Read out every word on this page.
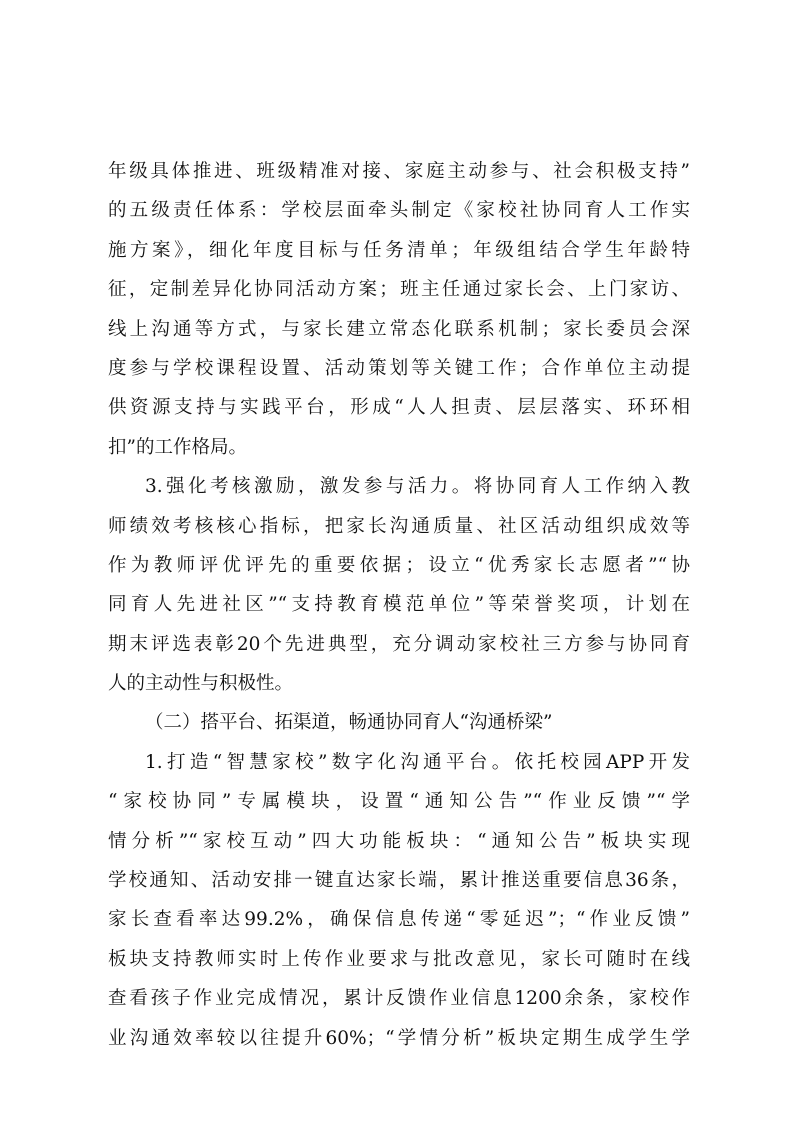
年级具体推进、班级精准对接、家庭主动参与、社会积极支持”
的五级责任体系：学校层面牵头制定《家校社协同育人工作实
施方案》，细化年度目标与任务清单；年级组结合学生年龄特
征，定制差异化协同活动方案；班主任通过家长会、上门家访、
线上沟通等方式，与家长建立常态化联系机制；家长委员会深
度参与学校课程设置、活动策划等关键工作；合作单位主动提
供资源支持与实践平台，形成“人人担责、层层落实、环环相
扣”的工作格局。
3.强化考核激励，激发参与活力。将协同育人工作纳入教
师绩效考核核心指标，把家长沟通质量、社区活动组织成效等
作为教师评优评先的重要依据；设立“优秀家长志愿者”“协
同育人先进社区”“支持教育模范单位”等荣誉奖项，计划在
期末评选表彰20个先进典型，充分调动家校社三方参与协同育
人的主动性与积极性。
（二）搭平台、拓渠道，畅通协同育人“沟通桥梁”
1.打造“智慧家校”数字化沟通平台。依托校园APP开发
“家校协同”专属模块，设置“通知公告”“作业反馈”“学
情分析”“家校互动”四大功能板块：“通知公告”板块实现
学校通知、活动安排一键直达家长端，累计推送重要信息36条，
家长查看率达99.2%，确保信息传递“零延迟”；“作业反馈”
板块支持教师实时上传作业要求与批改意见，家长可随时在线
查看孩子作业完成情况，累计反馈作业信息1200余条，家校作
业沟通效率较以往提升60%；“学情分析”板块定期生成学生学
